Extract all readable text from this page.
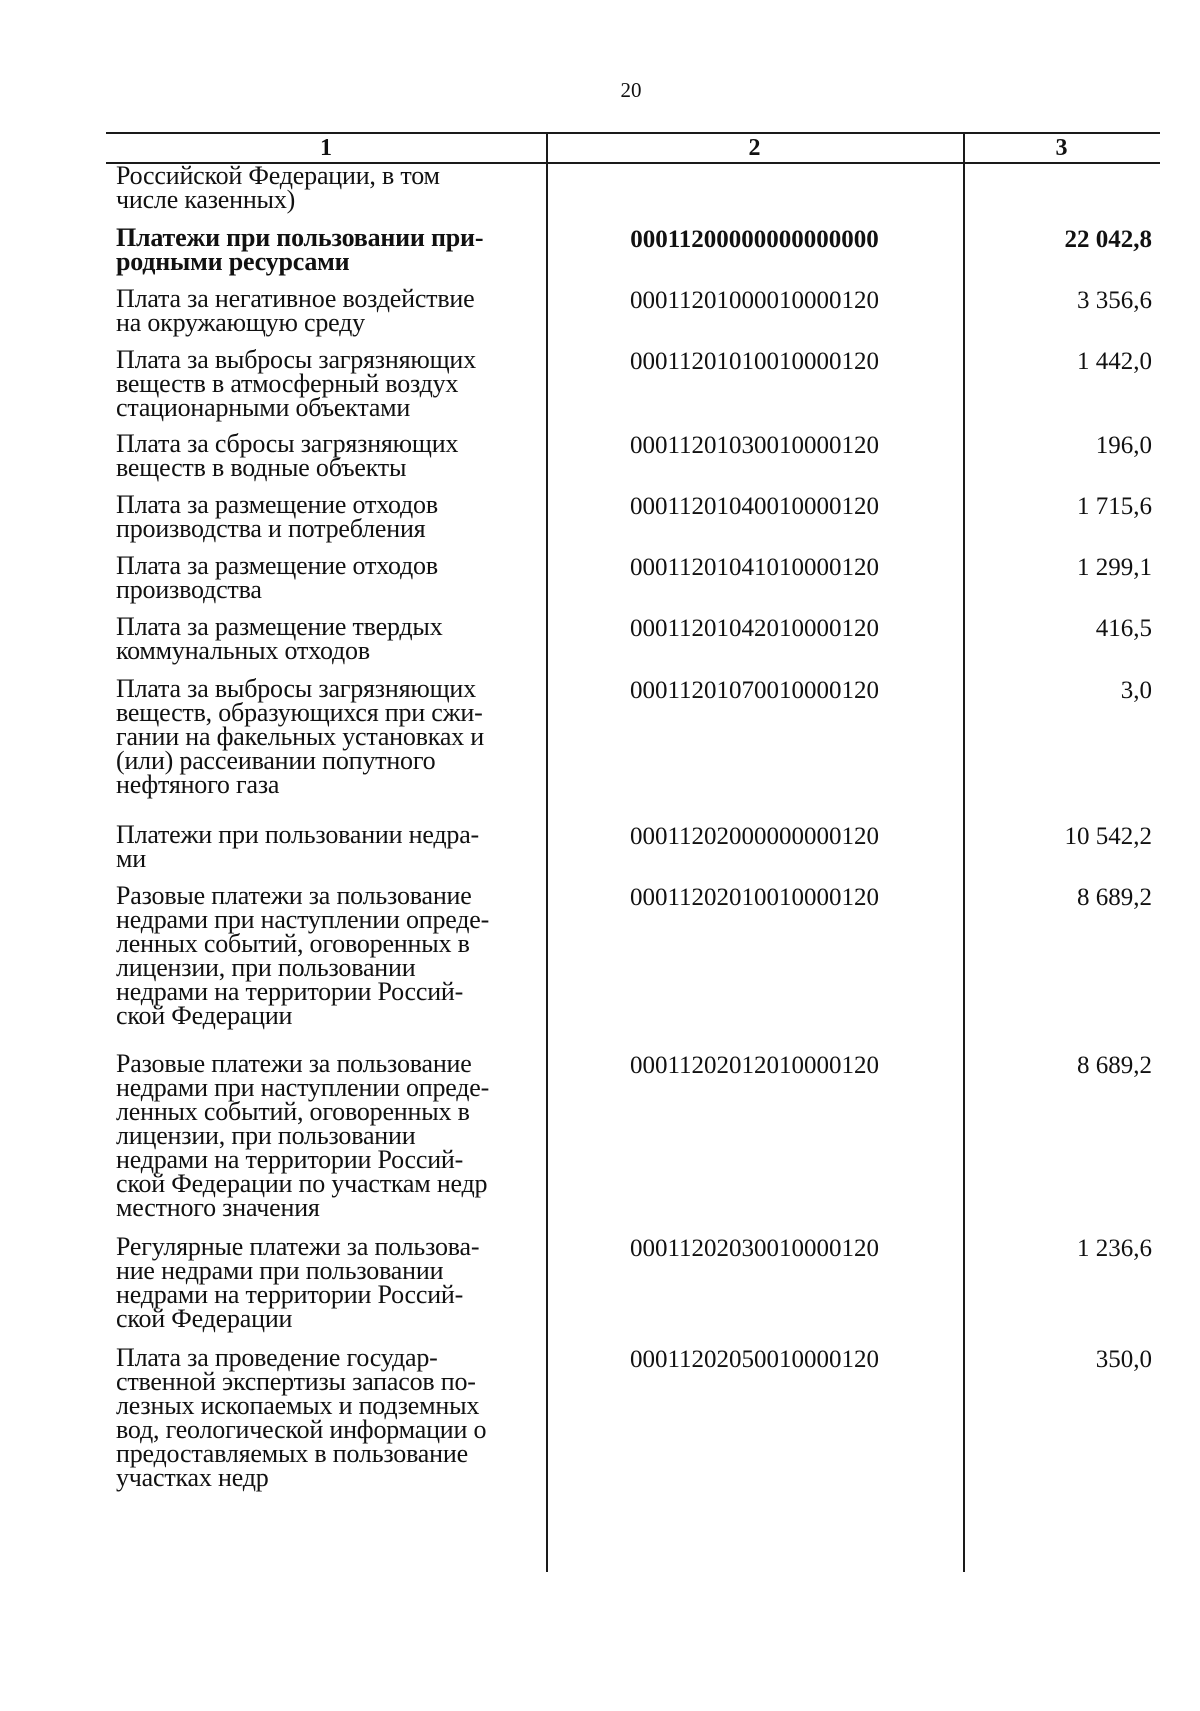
20
1	2	3
Российской Федерации, в том
числе казенных)
Платежи при пользовании при-
родными ресурсами
00011200000000000000	22 042,8
Плата за негативное воздействие
на окружающую среду
00011201000010000120	3 356,6
Плата за выбросы загрязняющих
веществ в атмосферный воздух
стационарными объектами
00011201010010000120	1 442,0
Плата за сбросы загрязняющих
веществ в водные объекты
00011201030010000120	196,0
Плата за размещение отходов
производства и потребления
00011201040010000120	1 715,6
Плата за размещение отходов
производства
00011201041010000120	1 299,1
Плата за размещение твердых
коммунальных отходов
00011201042010000120	416,5
Плата за выбросы загрязняющих
веществ, образующихся при сжи-
гании на факельных установках и
(или) рассеивании попутного
нефтяного газа
00011201070010000120	3,0
Платежи при пользовании недра-
ми
00011202000000000120	10 542,2
Разовые платежи за пользование
недрами при наступлении опреде-
ленных событий, оговоренных в
лицензии, при пользовании
недрами на территории Россий-
ской Федерации
00011202010010000120	8 689,2
Разовые платежи за пользование
недрами при наступлении опреде-
ленных событий, оговоренных в
лицензии, при пользовании
недрами на территории Россий-
ской Федерации по участкам недр
местного значения
00011202012010000120	8 689,2
Регулярные платежи за пользова-
ние недрами при пользовании
недрами на территории Россий-
ской Федерации
00011202030010000120	1 236,6
Плата за проведение государ-
ственной экспертизы запасов по-
лезных ископаемых и подземных
вод, геологической информации о
предоставляемых в пользование
участках недр
00011202050010000120	350,0
